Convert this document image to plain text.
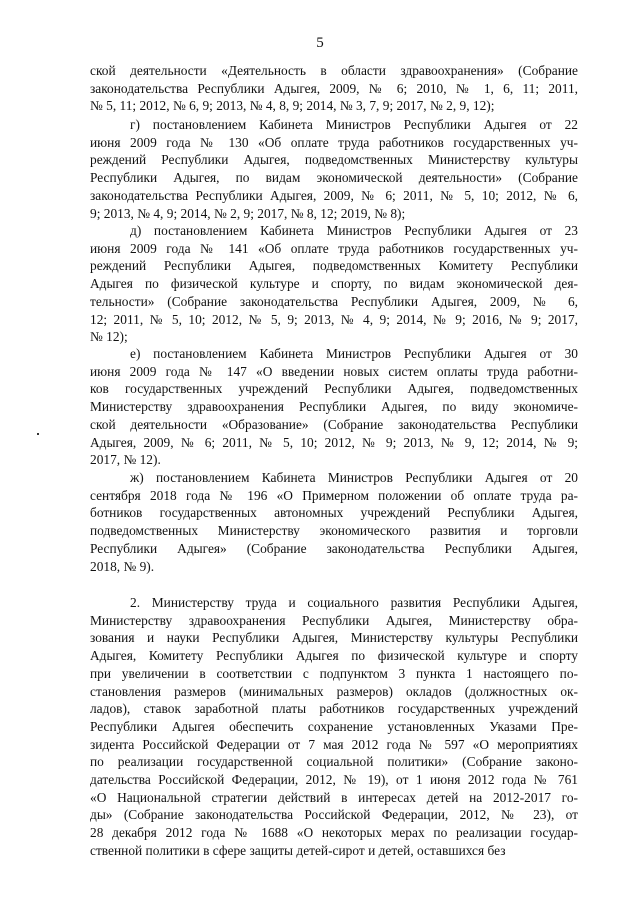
5
ской деятельности «Деятельность в области здравоохранения» (Собрание
законодательства Республики Адыгея, 2009, № 6; 2010, № 1, 6, 11; 2011,
№ 5, 11; 2012, № 6, 9; 2013, № 4, 8, 9; 2014, № 3, 7, 9; 2017, № 2, 9, 12);
г) постановлением Кабинета Министров Республики Адыгея от 22
июня 2009 года № 130 «Об оплате труда работников государственных уч-
реждений Республики Адыгея, подведомственных Министерству культуры
Республики Адыгея, по видам экономической деятельности» (Собрание
законодательства Республики Адыгея, 2009, № 6; 2011, № 5, 10; 2012, № 6,
9; 2013, № 4, 9; 2014, № 2, 9; 2017, № 8, 12; 2019, № 8);
д) постановлением Кабинета Министров Республики Адыгея от 23
июня 2009 года № 141 «Об оплате труда работников государственных уч-
реждений Республики Адыгея, подведомственных Комитету Республики
Адыгея по физической культуре и спорту, по видам экономической дея-
тельности» (Собрание законодательства Республики Адыгея, 2009, № 6,
12; 2011, № 5, 10; 2012, № 5, 9; 2013, № 4, 9; 2014, № 9; 2016, № 9; 2017,
№ 12);
е) постановлением Кабинета Министров Республики Адыгея от 30
июня 2009 года № 147 «О введении новых систем оплаты труда работни-
ков государственных учреждений Республики Адыгея, подведомственных
Министерству здравоохранения Республики Адыгея, по виду экономиче-
ской деятельности «Образование» (Собрание законодательства Республики
Адыгея, 2009, № 6; 2011, № 5, 10; 2012, № 9; 2013, № 9, 12; 2014, № 9;
2017, № 12).
ж) постановлением Кабинета Министров Республики Адыгея от 20
сентября 2018 года № 196 «О Примерном положении об оплате труда ра-
ботников государственных автономных учреждений Республики Адыгея,
подведомственных Министерству экономического развития и торговли
Республики Адыгея» (Собрание законодательства Республики Адыгея,
2018, № 9).
2. Министерству труда и социального развития Республики Адыгея,
Министерству здравоохранения Республики Адыгея, Министерству обра-
зования и науки Республики Адыгея, Министерству культуры Республики
Адыгея, Комитету Республики Адыгея по физической культуре и спорту
при увеличении в соответствии с подпунктом 3 пункта 1 настоящего по-
становления размеров (минимальных размеров) окладов (должностных ок-
ладов), ставок заработной платы работников государственных учреждений
Республики Адыгея обеспечить сохранение установленных Указами Пре-
зидента Российской Федерации от 7 мая 2012 года № 597 «О мероприятиях
по реализации государственной социальной политики» (Собрание законо-
дательства Российской Федерации, 2012, № 19), от 1 июня 2012 года № 761
«О Национальной стратегии действий в интересах детей на 2012-2017 го-
ды» (Собрание законодательства Российской Федерации, 2012, № 23), от
28 декабря 2012 года № 1688 «О некоторых мерах по реализации государ-
ственной политики в сфере защиты детей-сирот и детей, оставшихся без
